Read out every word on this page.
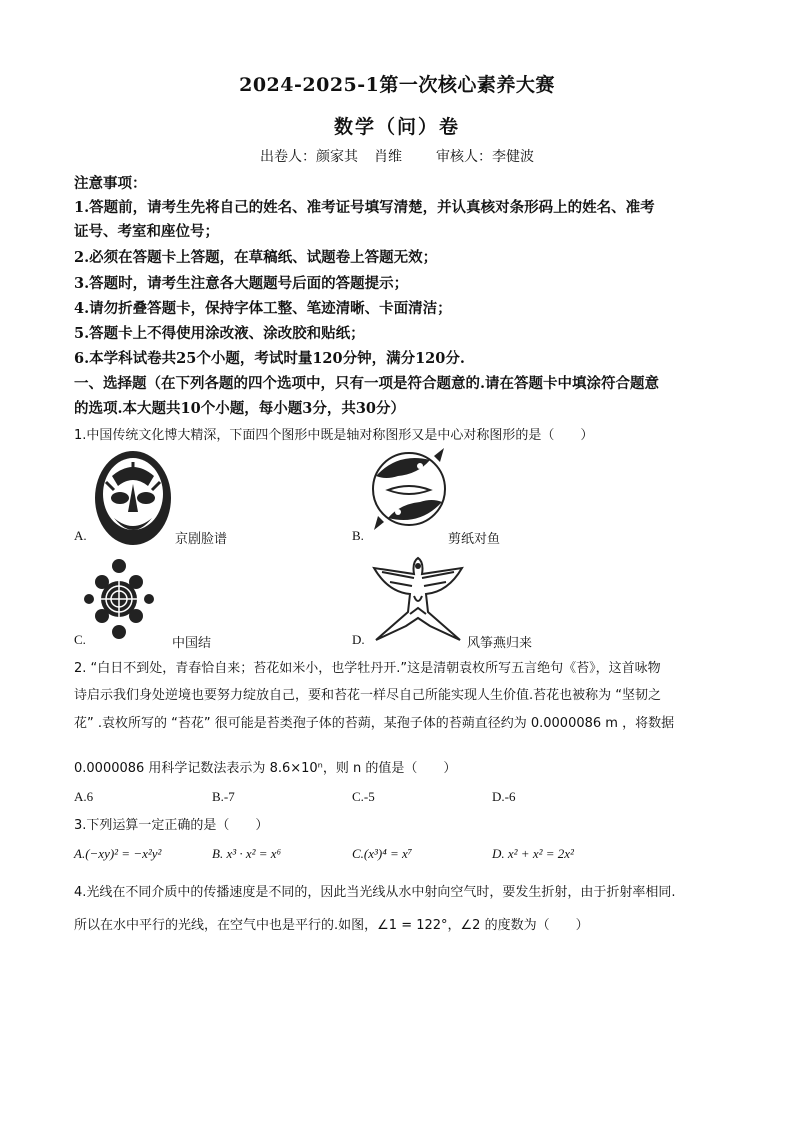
2024-2025-1第一次核心素养大赛
数学（问）卷
出卷人：颜家其 肖维 审核人：李健波
注意事项：
1.答题前，请考生先将自己的姓名、准考证号填写清楚，并认真核对条形码上的姓名、准考
证号、考室和座位号；
2.必须在答题卡上答题，在草稿纸、试题卷上答题无效；
3.答题时，请考生注意各大题题号后面的答题提示；
4.请勿折叠答题卡，保持字体工整、笔迹清晰、卡面清洁；
5.答题卡上不得使用涂改液、涂改胶和贴纸；
6.本学科试卷共25个小题，考试时量120分钟，满分120分.
一、选择题（在下列各题的四个选项中，只有一项是符合题意的.请在答题卡中填涂符合题意
的选项.本大题共10个小题，每小题3分，共30分）
1.中国传统文化博大精深，下面四个图形中既是轴对称图形又是中心对称图形的是（　　）
A.	京剧脸谱	B.	剪纸对鱼
C.	中国结	D.	风筝燕归来
2. “白日不到处，青春恰自来；苔花如米小，也学牡丹开.”这是清朝袁枚所写五言绝句《苔》，这首咏物
诗启示我们身处逆境也要努力绽放自己，要和苔花一样尽自己所能实现人生价值.苔花也被称为 “坚韧之
花” .袁枚所写的 “苔花” 很可能是苔类孢子体的苔蒴，某孢子体的苔蒴直径约为 0.0000086 m ，将数据
0.0000086 用科学记数法表示为 8.6×10ⁿ，则 n 的值是（　　）
A.6	B.-7	C.-5	D.-6
3.下列运算一定正确的是（　　）
A.(−xy)² = −x²y²	B. x³ · x² = x⁶	C.(x³)⁴ = x⁷	D. x² + x² = 2x²
4.光线在不同介质中的传播速度是不同的，因此当光线从水中射向空气时，要发生折射，由于折射率相同.
所以在水中平行的光线，在空气中也是平行的.如图，∠1 = 122°，∠2 的度数为（　　）
